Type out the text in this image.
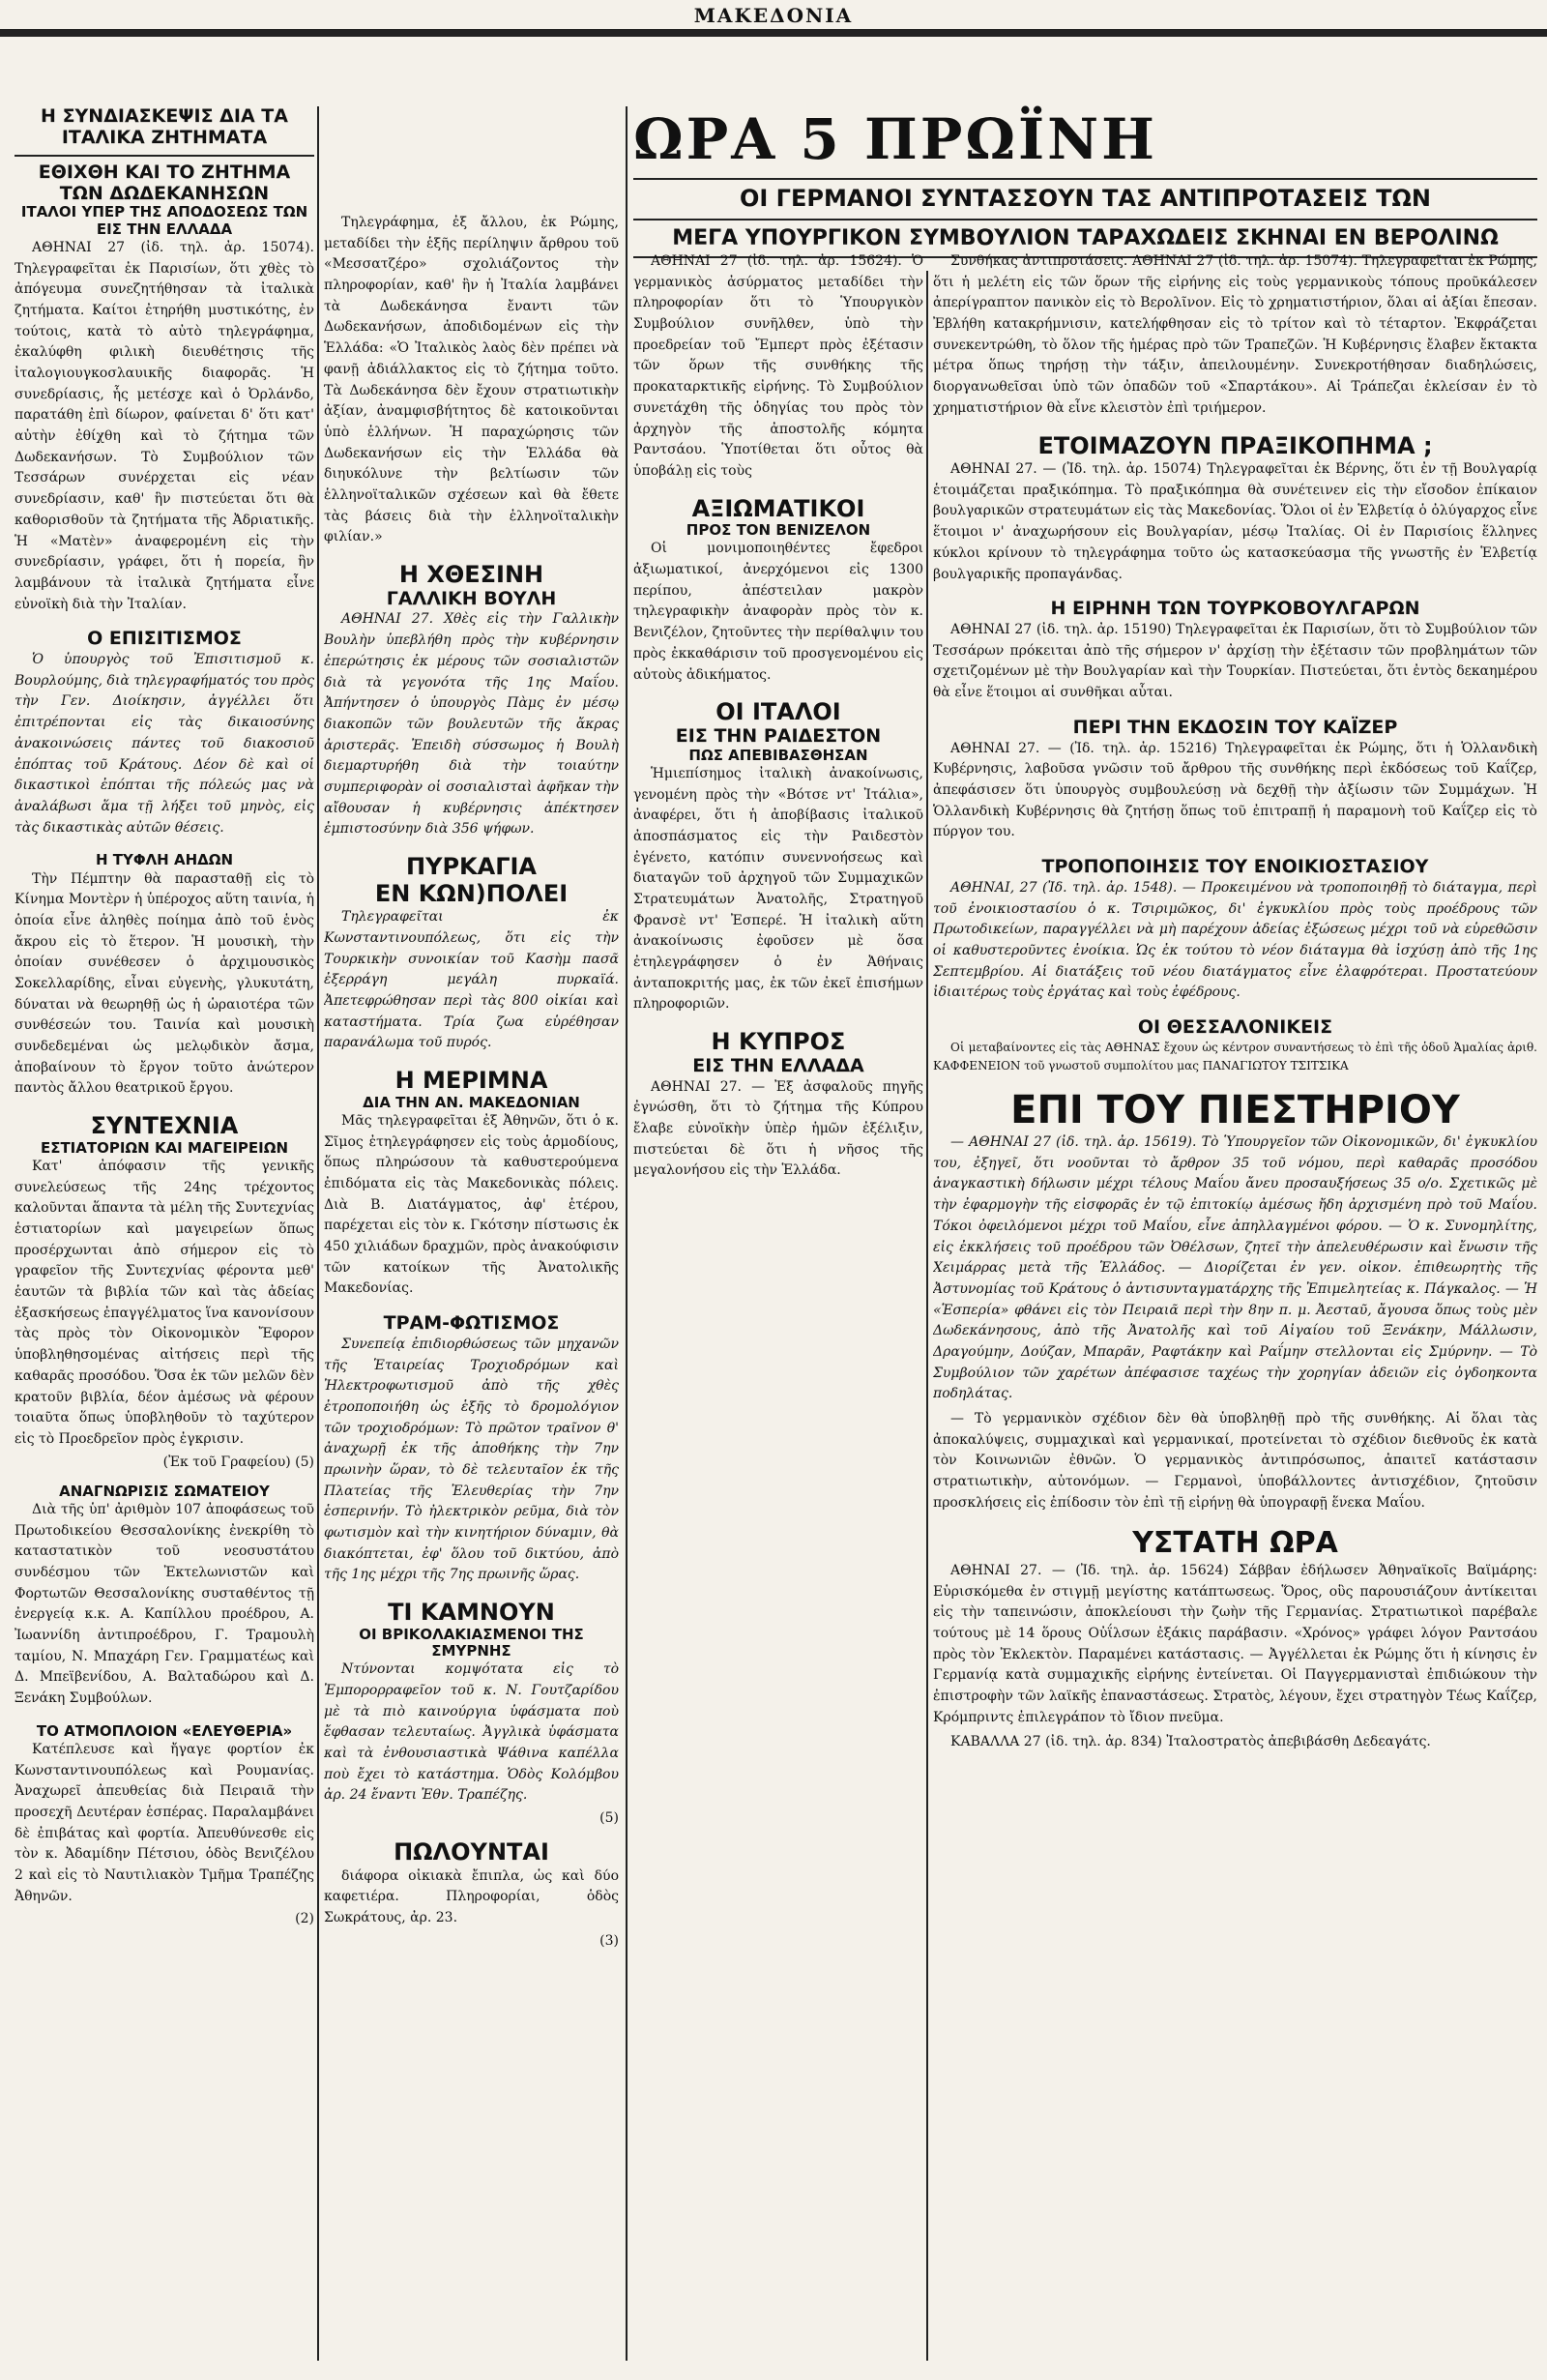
ΜΑΚΕΔΟΝΙΑ
Η ΣΥΝΔΙΑΣΚΕΨΙΣ ΔΙΑ ΤΑ ΙΤΑΛΙΚΑ ΖΗΤΗΜΑΤΑ
ΕΘΙΧΘΗ ΚΑΙ ΤΟ ΖΗΤΗΜΑ ΤΩΝ ΔΩΔΕΚΑΝΗΣΩΝ
ΙΤΑΛΟΙ ΥΠΕΡ ΤΗΣ ΑΠΟΔΟΣΕΩΣ ΤΩΝ ΕΙΣ ΤΗΝ ΕΛΛΑΔΑ

ΑΘΗΝΑΙ 27 (ἰδ. τηλ. ἀρ. 15074). Τηλεγραφεῖται ἐκ Παρισίων, ὅτι χθὲς τὸ ἀπόγευμα συνεζητήθησαν τὰ ἰταλικὰ ζητήματα. Καίτοι ἐτηρήθη μυστικότης, ἐν τούτοις, κατὰ τὸ αὐτὸ τηλεγράφημα, ἐκαλύφθη φιλικὴ διευθέτησις τῆς ἰταλογιουγκοσλαυικῆς διαφορᾶς. Ἡ συνεδρίασις, ἧς μετέσχε καὶ ὁ Ὀρλάνδο, παρατάθη ἐπὶ δίωρον, φαίνεται δ' ὅτι κατ' αὐτὴν ἐθίχθη καὶ τὸ ζήτημα τῶν Δωδεκανήσων. Τὸ Συμβούλιον τῶν Τεσσάρων συνέρχεται εἰς νέαν συνεδρίασιν, καθ' ἣν πιστεύεται ὅτι θὰ καθορισθοῦν τὰ ζητήματα τῆς Ἀδριατικῆς. Ἡ «Ματὲν» ἀναφερομένη εἰς τὴν συνεδρίασιν, γράφει, ὅτι ἡ πορεία, ἣν λαμβάνουν τὰ ἰταλικὰ ζητήματα εἶνε εὐνοϊκὴ διὰ τὴν Ἰταλίαν.

Ο ΕΠΙΣΙΤΙΣΜΟΣ

Ὁ ὑπουργὸς τοῦ Ἐπισιτισμοῦ κ. Βουρλούμης, διὰ τηλεγραφήματός του πρὸς τὴν Γεν. Διοίκησιν, ἀγγέλλει ὅτι ἐπιτρέπονται εἰς τὰς δικαιοσύνης ἀνακοινώσεις πάντες τοῦ διακοσιοῦ ἐπόπτας τοῦ Κράτους. Δέον δὲ καὶ οἱ δικαστικοὶ ἐπόπται τῆς πόλεώς μας νὰ ἀναλάβωσι ἅμα τῇ λήξει τοῦ μηνὸς, εἰς τὰς δικαστικὰς αὐτῶν θέσεις.

Η ΤΥΦΛΗ ΑΗΔΩΝ

Τὴν Πέμπτην θὰ παρασταθῇ εἰς τὸ Κίνημα Μοντὲρν ἡ ὑπέροχος αὕτη ταινία, ἡ ὁποία εἶνε ἀληθὲς ποίημα ἀπὸ τοῦ ἑνὸς ἄκρου εἰς τὸ ἕτερον. Ἡ μουσικὴ, τὴν ὁποίαν συνέθεσεν ὁ ἀρχιμουσικὸς Σοκελλαρίδης, εἶναι εὐγενὴς, γλυκυτάτη, δύναται νὰ θεωρηθῇ ὡς ἡ ὡραιοτέρα τῶν συνθέσεών του. Ταινία καὶ μουσικὴ συνδεδεμέναι ὡς μελῳδικὸν ἄσμα, ἀποβαίνουν τὸ ἔργον τοῦτο ἀνώτερον παντὸς ἄλλου θεατρικοῦ ἔργου.

ΣΥΝΤΕΧΝΙΑ
ΕΣΤΙΑΤΟΡΙΩΝ ΚΑΙ ΜΑΓΕΙΡΕΙΩΝ

Κατ' ἀπόφασιν τῆς γενικῆς συνελεύσεως τῆς 24ης τρέχοντος καλοῦνται ἅπαντα τὰ μέλη τῆς Συντεχνίας ἑστιατορίων καὶ μαγειρείων ὅπως προσέρχωνται ἀπὸ σήμερον εἰς τὸ γραφεῖον τῆς Συντεχνίας φέροντα μεθ' ἑαυτῶν τὰ βιβλία τῶν καὶ τὰς ἀδείας ἐξασκήσεως ἐπαγγέλματος ἵνα κανονίσουν τὰς πρὸς τὸν Οἰκονομικὸν Ἔφορον ὑποβληθησομένας αἰτήσεις περὶ τῆς καθαρᾶς προσόδου. Ὅσα ἐκ τῶν μελῶν δὲν κρατοῦν βιβλία, δέον ἀμέσως νὰ φέρουν τοιαῦτα ὅπως ὑποβληθοῦν τὸ ταχύτερον εἰς τὸ Προεδρεῖον πρὸς ἐγκρισιν.

(Ἐκ τοῦ Γραφείου) (5)
ΑΝΑΓΝΩΡΙΣΙΣ ΣΩΜΑΤΕΙΟΥ

Διὰ τῆς ὑπ' ἀριθμὸν 107 ἀποφάσεως τοῦ Πρωτοδικείου Θεσσαλονίκης ἐνεκρίθη τὸ καταστατικὸν τοῦ νεοσυστάτου συνδέσμου τῶν Ἐκτελωνιστῶν καὶ Φορτωτῶν Θεσσαλονίκης συσταθέντος τῇ ἐνεργείᾳ κ.κ. Α. Καπίλλου προέδρου, Α. Ἰωαννίδη ἀντιπροέδρου, Γ. Τραμουλὴ ταμίου, Ν. Μπαχάρη Γεν. Γραμματέως καὶ Δ. Μπεϊβενίδου, Α. Βαλταδώρου καὶ Δ. Ξενάκη Συμβούλων.

ΤΟ ΑΤΜΟΠΛΟΙΟΝ «ΕΛΕΥΘΕΡΙΑ»

Κατέπλευσε καὶ ἤγαγε φορτίον ἐκ Κωνσταντινουπόλεως καὶ Ρουμανίας. Ἀναχωρεῖ ἀπευθείας διὰ Πειραιᾶ τὴν προσεχῆ Δευτέραν ἑσπέρας. Παραλαμβάνει δὲ ἐπιβάτας καὶ φορτία. Ἀπευθύνεσθε εἰς τὸν κ. Ἀδαμίδην Πέτσιου, ὁδὸς Βενιζέλου 2 καὶ εἰς τὸ Ναυτιλιακὸν Τμῆμα Τραπέζης Ἀθηνῶν.

(2)

Τηλεγράφημα, ἐξ ἄλλου, ἐκ Ρώμης, μεταδίδει τὴν ἑξῆς περίληψιν ἄρθρου τοῦ «Μεσσατζέρο» σχολιάζοντος τὴν πληροφορίαν, καθ' ἣν ἡ Ἰταλία λαμβάνει τὰ Δωδεκάνησα ἔναντι τῶν Δωδεκανήσων, ἀποδιδομένων εἰς τὴν Ἑλλάδα: «Ὁ Ἰταλικὸς λαὸς δὲν πρέπει νὰ φανῇ ἀδιάλλακτος εἰς τὸ ζήτημα τοῦτο. Τὰ Δωδεκάνησα δὲν ἔχουν στρατιωτικὴν ἀξίαν, ἀναμφισβήτητος δὲ κατοικοῦνται ὑπὸ ἑλλήνων. Ἡ παραχώρησις τῶν Δωδεκανήσων εἰς τὴν Ἑλλάδα θὰ διηυκόλυνε τὴν βελτίωσιν τῶν ἑλληνοϊταλικῶν σχέσεων καὶ θὰ ἔθετε τὰς βάσεις διὰ τὴν ἑλληνοϊταλικὴν φιλίαν.»

Η ΧΘΕΣΙΝΗ
ΓΑΛΛΙΚΗ ΒΟΥΛΗ

ΑΘΗΝΑΙ 27. Χθὲς εἰς τὴν Γαλλικὴν Βουλὴν ὑπεβλήθη πρὸς τὴν κυβέρνησιν ἐπερώτησις ἐκ μέρους τῶν σοσιαλιστῶν διὰ τὰ γεγονότα τῆς 1ης Μαΐου. Ἀπήντησεν ὁ ὑπουργὸς Πὰμς ἐν μέσῳ διακοπῶν τῶν βουλευτῶν τῆς ἄκρας ἀριστερᾶς. Ἐπειδὴ σύσσωμος ἡ Βουλὴ διεμαρτυρήθη διὰ τὴν τοιαύτην συμπεριφορὰν οἱ σοσιαλισταὶ ἀφῆκαν τὴν αἴθουσαν ἡ κυβέρνησις ἀπέκτησεν ἐμπιστοσύνην διὰ 356 ψήφων.

ΠΥΡΚΑΓΙΑ
ΕΝ ΚΩΝ)ΠΟΛΕΙ

Τηλεγραφεῖται ἐκ Κωνσταντινουπόλεως, ὅτι εἰς τὴν Τουρκικὴν συνοικίαν τοῦ Κασὴμ πασᾶ ἐξερράγη μεγάλη πυρκαϊά. Ἀπετεφρώθησαν περὶ τὰς 800 οἰκίαι καὶ καταστήματα. Τρία ζωα εὑρέθησαν παρανάλωμα τοῦ πυρός.

Η ΜΕΡΙΜΝΑ
ΔΙΑ ΤΗΝ ΑΝ. ΜΑΚΕΔΟΝΙΑΝ

Μᾶς τηλεγραφεῖται ἐξ Ἀθηνῶν, ὅτι ὁ κ. Σῖμος ἐτηλεγράφησεν εἰς τοὺς ἁρμοδίους, ὅπως πληρώσουν τὰ καθυστερούμενα ἐπιδόματα εἰς τὰς Μακεδονικὰς πόλεις. Διὰ Β. Διατάγματος, ἀφ' ἑτέρου, παρέχεται εἰς τὸν κ. Γκότσην πίστωσις ἐκ 450 χιλιάδων δραχμῶν, πρὸς ἀνακούφισιν τῶν κατοίκων τῆς Ἀνατολικῆς Μακεδονίας.

ΤΡΑΜ-ΦΩΤΙΣΜΟΣ

Συνεπείᾳ ἐπιδιορθώσεως τῶν μηχανῶν τῆς Ἑταιρείας Τροχιοδρόμων καὶ Ἠλεκτροφωτισμοῦ ἀπὸ τῆς χθὲς ἐτροποποιήθη ὡς ἑξῆς τὸ δρομολόγιον τῶν τροχιοδρόμων: Τὸ πρῶτον τραῖνον θ' ἀναχωρῇ ἐκ τῆς ἀποθήκης τὴν 7ην πρωινὴν ὥραν, τὸ δὲ τελευταῖον ἐκ τῆς Πλατείας τῆς Ἐλευθερίας τὴν 7ην ἑσπερινήν. Τὸ ἠλεκτρικὸν ρεῦμα, διὰ τὸν φωτισμὸν καὶ τὴν κινητήριον δύναμιν, θὰ διακόπτεται, ἐφ' ὅλου τοῦ δικτύου, ἀπὸ τῆς 1ης μέχρι τῆς 7ης πρωινῆς ὥρας.

ΤΙ ΚΑΜΝΟΥΝ
ΟΙ ΒΡΙΚΟΛΑΚΙΑΣΜΕΝΟΙ ΤΗΣ ΣΜΥΡΝΗΣ

Ντύνονται κομψότατα εἰς τὸ Ἐμπορορραφεῖον τοῦ κ. Ν. Γουτζαρίδου μὲ τὰ πιὸ καινούργια ὑφάσματα ποὺ ἔφθασαν τελευταίως. Ἀγγλικὰ ὑφάσματα καὶ τὰ ἐνθουσιαστικὰ Ψάθινα καπέλλα ποὺ ἔχει τὸ κατάστημα. Ὁδὸς Κολόμβου ἀρ. 24 ἔναντι Ἐθν. Τραπέζης.

(5)
ΠΩΛΟΥΝΤΑΙ

διάφορα οἰκιακὰ ἔπιπλα, ὡς καὶ δύο καφετιέρα. Πληροφορίαι, ὁδὸς Σωκράτους, ἀρ. 23.

(3)
ΩΡΑ 5 ΠΡΩΪΝΗ
ΟΙ ΓΕΡΜΑΝΟΙ ΣΥΝΤΑΣΣΟΥΝ ΤΑΣ ΑΝΤΙΠΡΟΤΑΣΕΙΣ ΤΩΝ
ΜΕΓΑ ΥΠΟΥΡΓΙΚΟΝ ΣΥΜΒΟΥΛΙΟΝ ΤΑΡΑΧΩΔΕΙΣ ΣΚΗΝΑΙ ΕΝ ΒΕΡΟΛΙΝΩ

ΑΘΗΝΑΙ 27 (ἰδ. τηλ. ἀρ. 15624). Ὁ γερμανικὸς ἀσύρματος μεταδίδει τὴν πληροφορίαν ὅτι τὸ Ὑπουργικὸν Συμβούλιον συνῆλθεν, ὑπὸ τὴν προεδρείαν τοῦ Ἔμπερτ πρὸς ἐξέτασιν τῶν ὅρων τῆς συνθήκης τῆς προκαταρκτικῆς εἰρήνης. Τὸ Συμβούλιον συνετάχθη τῆς ὁδηγίας του πρὸς τὸν ἀρχηγὸν τῆς ἀποστολῆς κόμητα Ραντσάου. Ὑποτίθεται ὅτι οὗτος θὰ ὑποβάλῃ εἰς τοὺς

ΑΞΙΩΜΑΤΙΚΟΙ
ΠΡΟΣ ΤΟΝ ΒΕΝΙΖΕΛΟΝ

Οἱ μονιμοποιηθέντες ἔφεδροι ἀξιωματικοί, ἀνερχόμενοι εἰς 1300 περίπου, ἀπέστειλαν μακρὸν τηλεγραφικὴν ἀναφορὰν πρὸς τὸν κ. Βενιζέλον, ζητοῦντες τὴν περίθαλψιν του πρὸς ἐκκαθάρισιν τοῦ προσγενομένου εἰς αὐτοὺς ἀδικήματος.

ΟΙ ΙΤΑΛΟΙ
ΕΙΣ ΤΗΝ ΡΑΙΔΕΣΤΟΝ
ΠΩΣ ΑΠΕΒΙΒΑΣΘΗΣΑΝ

Ἡμιεπίσημος ἰταλικὴ ἀνακοίνωσις, γενομένη πρὸς τὴν «Βότσε ντ' Ἰτάλια», ἀναφέρει, ὅτι ἡ ἀποβίβασις ἰταλικοῦ ἀποσπάσματος εἰς τὴν Ραιδεστὸν ἐγένετο, κατόπιν συνεννοήσεως καὶ διαταγῶν τοῦ ἀρχηγοῦ τῶν Συμμαχικῶν Στρατευμάτων Ἀνατολῆς, Στρατηγοῦ Φρανσὲ ντ' Ἐσπερέ. Ἡ ἰταλικὴ αὕτη ἀνακοίνωσις ἐφοῦσεν μὲ ὅσα ἐτηλεγράφησεν ὁ ἐν Ἀθήναις ἀνταποκριτής μας, ἐκ τῶν ἐκεῖ ἐπισήμων πληροφοριῶν.

Η ΚΥΠΡΟΣ
ΕΙΣ ΤΗΝ ΕΛΛΑΔΑ

ΑΘΗΝΑΙ 27. — Ἐξ ἀσφαλοῦς πηγῆς ἐγνώσθη, ὅτι τὸ ζήτημα τῆς Κύπρου ἔλαβε εὐνοϊκὴν ὑπὲρ ἡμῶν ἐξέλιξιν, πιστεύεται δὲ ὅτι ἡ νῆσος τῆς μεγαλονήσου εἰς τὴν Ἑλλάδα.

Συνθήκας ἀντιπροτάσεις. ΑΘΗΝΑΙ 27 (ἰδ. τηλ. ἀρ. 15074). Τηλεγραφεῖται ἐκ Ρώμης, ὅτι ἡ μελέτη εἰς τῶν ὅρων τῆς εἰρήνης εἰς τοὺς γερμανικοὺς τόπους προῦκάλεσεν ἀπερίγραπτον πανικὸν εἰς τὸ Βερολῖνον. Εἰς τὸ χρηματιστήριον, ὅλαι αἱ ἀξίαι ἔπεσαν. Ἐβλήθη κατακρήμνισιν, κατελήφθησαν εἰς τὸ τρίτον καὶ τὸ τέταρτον. Ἐκφράζεται συνεκεντρώθη, τὸ ὅλον τῆς ἡμέρας πρὸ τῶν Τραπεζῶν. Ἡ Κυβέρνησις ἔλαβεν ἔκτακτα μέτρα ὅπως τηρήσῃ τὴν τάξιν, ἀπειλουμένην. Συνεκροτήθησαν διαδηλώσεις, διοργανωθεῖσαι ὑπὸ τῶν ὀπαδῶν τοῦ «Σπαρτάκου». Αἱ Τράπεζαι ἐκλείσαν ἐν τὸ χρηματιστήριον θὰ εἶνε κλειστὸν ἐπὶ τριήμερον.

ΕΤΟΙΜΑΖΟΥΝ ΠΡΑΞΙΚΟΠΗΜΑ ;

ΑΘΗΝΑΙ 27. — (Ἰδ. τηλ. ἀρ. 15074) Τηλεγραφεῖται ἐκ Βέρνης, ὅτι ἐν τῇ Βουλγαρίᾳ ἑτοιμάζεται πραξικόπημα. Τὸ πραξικόπημα θὰ συνέτεινεν εἰς τὴν εἴσοδον ἐπίκαιον βουλγαρικῶν στρατευμάτων εἰς τὰς Μακεδονίας. Ὅλοι οἱ ἐν Ἑλβετίᾳ ὁ ὀλύγαρχος εἶνε ἕτοιμοι ν' ἀναχωρήσουν εἰς Βουλγαρίαν, μέσῳ Ἰταλίας. Οἱ ἐν Παρισίοις ἕλληνες κύκλοι κρίνουν τὸ τηλεγράφημα τοῦτο ὡς κατασκεύασμα τῆς γνωστῆς ἐν Ἑλβετίᾳ βουλγαρικῆς προπαγάνδας.

Η ΕΙΡΗΝΗ ΤΩΝ ΤΟΥΡΚΟΒΟΥΛΓΑΡΩΝ

ΑΘΗΝΑΙ 27 (ἰδ. τηλ. ἀρ. 15190) Τηλεγραφεῖται ἐκ Παρισίων, ὅτι τὸ Συμβούλιον τῶν Τεσσάρων πρόκειται ἀπὸ τῆς σήμερον ν' ἀρχίσῃ τὴν ἐξέτασιν τῶν προβλημάτων τῶν σχετιζομένων μὲ τὴν Βουλγαρίαν καὶ τὴν Τουρκίαν. Πιστεύεται, ὅτι ἐντὸς δεκαημέρου θὰ εἶνε ἕτοιμοι αἱ συνθῆκαι αὗται.

ΠΕΡΙ ΤΗΝ ΕΚΔΟΣΙΝ ΤΟΥ ΚΑΪΖΕΡ

ΑΘΗΝΑΙ 27. — (Ἰδ. τηλ. ἀρ. 15216) Τηλεγραφεῖται ἐκ Ρώμης, ὅτι ἡ Ὁλλανδικὴ Κυβέρνησις, λαβοῦσα γνῶσιν τοῦ ἄρθρου τῆς συνθήκης περὶ ἐκδόσεως τοῦ Καΐζερ, ἀπεφάσισεν ὅτι ὑπουργὸς συμβουλεύσῃ νὰ δεχθῇ τὴν ἀξίωσιν τῶν Συμμάχων. Ἡ Ὁλλανδικὴ Κυβέρνησις θὰ ζητήσῃ ὅπως τοῦ ἐπιτραπῇ ἡ παραμονὴ τοῦ Καΐζερ εἰς τὸ πύργον του.

ΤΡΟΠΟΠΟΙΗΣΙΣ ΤΟΥ ΕΝΟΙΚΙΟΣΤΑΣΙΟΥ

ΑΘΗΝΑΙ, 27 (Ἰδ. τηλ. ἀρ. 1548). — Προκειμένου νὰ τροποποιηθῇ τὸ διάταγμα, περὶ τοῦ ἐνοικιοστασίου ὁ κ. Τσιριμῶκος, δι' ἐγκυκλίου πρὸς τοὺς προέδρους τῶν Πρωτοδικείων, παραγγέλλει νὰ μὴ παρέχουν ἀδείας ἐξώσεως μέχρι τοῦ νὰ εὑρεθῶσιν οἱ καθυστεροῦντες ἐνοίκια. Ὡς ἐκ τούτου τὸ νέον διάταγμα θὰ ἰσχύσῃ ἀπὸ τῆς 1ης Σεπτεμβρίου. Αἱ διατάξεις τοῦ νέου διατάγματος εἶνε ἐλαφρότεραι. Προστατεύουν ἰδιαιτέρως τοὺς ἐργάτας καὶ τοὺς ἐφέδρους.

ΟΙ ΘΕΣΣΑΛΟΝΙΚΕΙΣ

Οἱ μεταβαίνοντες εἰς τὰς ΑΘΗΝΑΣ ἔχουν ὡς κέντρον συναντήσεως τὸ ἐπὶ τῆς ὁδοῦ Ἀμαλίας ἀριθ. ΚΑΦΦΕΝΕΙΟΝ τοῦ γνωστοῦ συμπολίτου μας ΠΑΝΑΓΙΩΤΟΥ ΤΣΙΤΣΙΚΑ

ΕΠΙ ΤΟΥ ΠΙΕΣΤΗΡΙΟΥ

— ΑΘΗΝΑΙ 27 (ἰδ. τηλ. ἀρ. 15619). Τὸ Ὑπουργεῖον τῶν Οἰκονομικῶν, δι' ἐγκυκλίου του, ἐξηγεῖ, ὅτι νοοῦνται τὸ ἄρθρον 35 τοῦ νόμου, περὶ καθαρᾶς προσόδου ἀναγκαστικὴ δήλωσιν μέχρι τέλους Μαΐου ἄνευ προσαυξήσεως 35 ο/ο. Σχετικῶς μὲ τὴν ἐφαρμογὴν τῆς εἰσφορᾶς ἐν τῷ ἐπιτοκίῳ ἀμέσως ἤδη ἀρχισμένη πρὸ τοῦ Μαΐου. Τόκοι ὀφειλόμενοι μέχρι τοῦ Μαΐου, εἶνε ἀπηλλαγμένοι φόρου. — Ὁ κ. Συνομηλίτης, εἰς ἐκκλήσεις τοῦ προέδρου τῶν Ὀθέλσων, ζητεῖ τὴν ἀπελευθέρωσιν καὶ ἔνωσιν τῆς Χειμάρρας μετὰ τῆς Ἑλλάδος. — Διορίζεται ἐν γεν. οἰκον. ἐπιθεωρητὴς τῆς Ἀστυνομίας τοῦ Κράτους ὁ ἀντισυνταγματάρχης τῆς Ἐπιμελητείας κ. Πάγκαλος. — Ἡ «Ἑσπερία» φθάνει εἰς τὸν Πειραιᾶ περὶ τὴν 8ην π. μ. Ἀεσταῦ, ἄγουσα ὅπως τοὺς μὲν Δωδεκάνησους, ἀπὸ τῆς Ἀνατολῆς καὶ τοῦ Αἰγαίου τοῦ Ξενάκην, Μάλλωσιν, Δραγούμην, Δούζαν, Μπαρᾶν, Ραφτάκην καὶ Ραΐμην στελλονται εἰς Σμύρνην. — Τὸ Συμβούλιον τῶν χαρέτων ἀπέφασισε ταχέως τὴν χορηγίαν ἀδειῶν εἰς ὀγδοηκοντα ποδηλάτας.

— Τὸ γερμανικὸν σχέδιον δὲν θὰ ὑποβληθῇ πρὸ τῆς συνθήκης. Αἱ ὅλαι τὰς ἀποκαλύψεις, συμμαχικαὶ καὶ γερμανικαί, προτείνεται τὸ σχέδιον διεθνοῦς ἐκ κατὰ τὸν Κοινωνιῶν ἐθνῶν. Ὁ γερμανικὸς ἀντιπρόσωπος, ἀπαιτεῖ κατάστασιν στρατιωτικὴν, αὐτονόμων. — Γερμανοὶ, ὑποβάλλοντες ἀντισχέδιον, ζητοῦσιν προσκλήσεις εἰς ἐπίδοσιν τὸν ἐπὶ τῇ εἰρήνῃ θὰ ὑπογραφῇ ἕνεκα Μαΐου.

ΥΣΤΑΤΗ ΩΡΑ

ΑΘΗΝΑΙ 27. — (Ἰδ. τηλ. ἀρ. 15624) Σάββαν ἐδήλωσεν Ἀθηναϊκοῖς Βαϊμάρης: Εὑρισκόμεθα ἐν στιγμῇ μεγίστης κατάπτωσεως. Ὅρος, οὓς παρουσιάζουν ἀντίκειται εἰς τὴν ταπεινώσιν, ἀποκλείουσι τὴν ζωὴν τῆς Γερμανίας. Στρατιωτικοὶ παρέβαλε τούτους μὲ 14 ὅρους Οὐΐλσων ἐξάκις παράβασιν. «Χρόνος» γράφει λόγον Ραντσάου πρὸς τὸν Ἐκλεκτὸν. Παραμένει κατάστασις. — Ἀγγέλλεται ἐκ Ρώμης ὅτι ἡ κίνησις ἐν Γερμανίᾳ κατὰ συμμαχικῆς εἰρήνης ἐντείνεται. Οἱ Παγγερμανισταὶ ἐπιδιώκουν τὴν ἐπιστροφὴν τῶν λαϊκῆς ἐπαναστάσεως. Στρατὸς, λέγουν, ἔχει στρατηγὸν Τέως Καΐζερ, Κρόμπριντς ἐπιλεγράπον τὸ ἴδιον πνεῦμα.

ΚΑΒΑΛΛΑ 27 (ἰδ. τηλ. ἀρ. 834) Ἰταλοστρατὸς ἀπεβιβάσθη Δεδεαγάτς.
